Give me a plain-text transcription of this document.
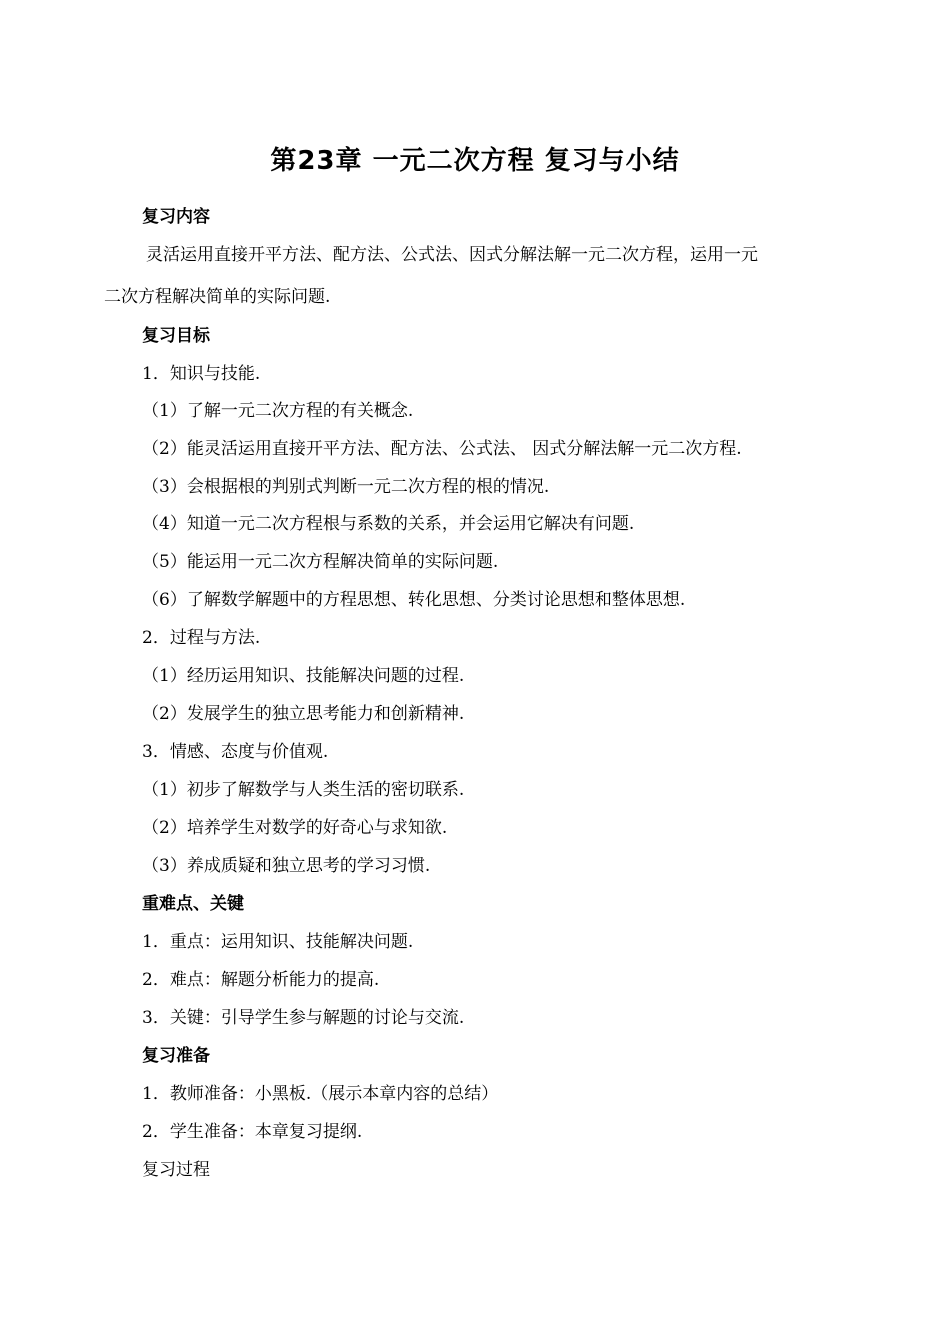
第23章 一元二次方程 复习与小结
复习内容
灵活运用直接开平方法、配方法、公式法、因式分解法解一元二次方程，运用一元
二次方程解决简单的实际问题.
复习目标
1．知识与技能.
（1）了解一元二次方程的有关概念.
（2）能灵活运用直接开平方法、配方法、公式法、 因式分解法解一元二次方程.
（3）会根据根的判别式判断一元二次方程的根的情况.
（4）知道一元二次方程根与系数的关系，并会运用它解决有问题.
（5）能运用一元二次方程解决简单的实际问题.
（6）了解数学解题中的方程思想、转化思想、分类讨论思想和整体思想.
2．过程与方法.
（1）经历运用知识、技能解决问题的过程.
（2）发展学生的独立思考能力和创新精神.
3．情感、态度与价值观.
（1）初步了解数学与人类生活的密切联系.
（2）培养学生对数学的好奇心与求知欲.
（3）养成质疑和独立思考的学习习惯.
重难点、关键
1．重点：运用知识、技能解决问题.
2．难点：解题分析能力的提高.
3．关键：引导学生参与解题的讨论与交流.
复习准备
1．教师准备：小黑板.（展示本章内容的总结）
2．学生准备：本章复习提纲.
复习过程
